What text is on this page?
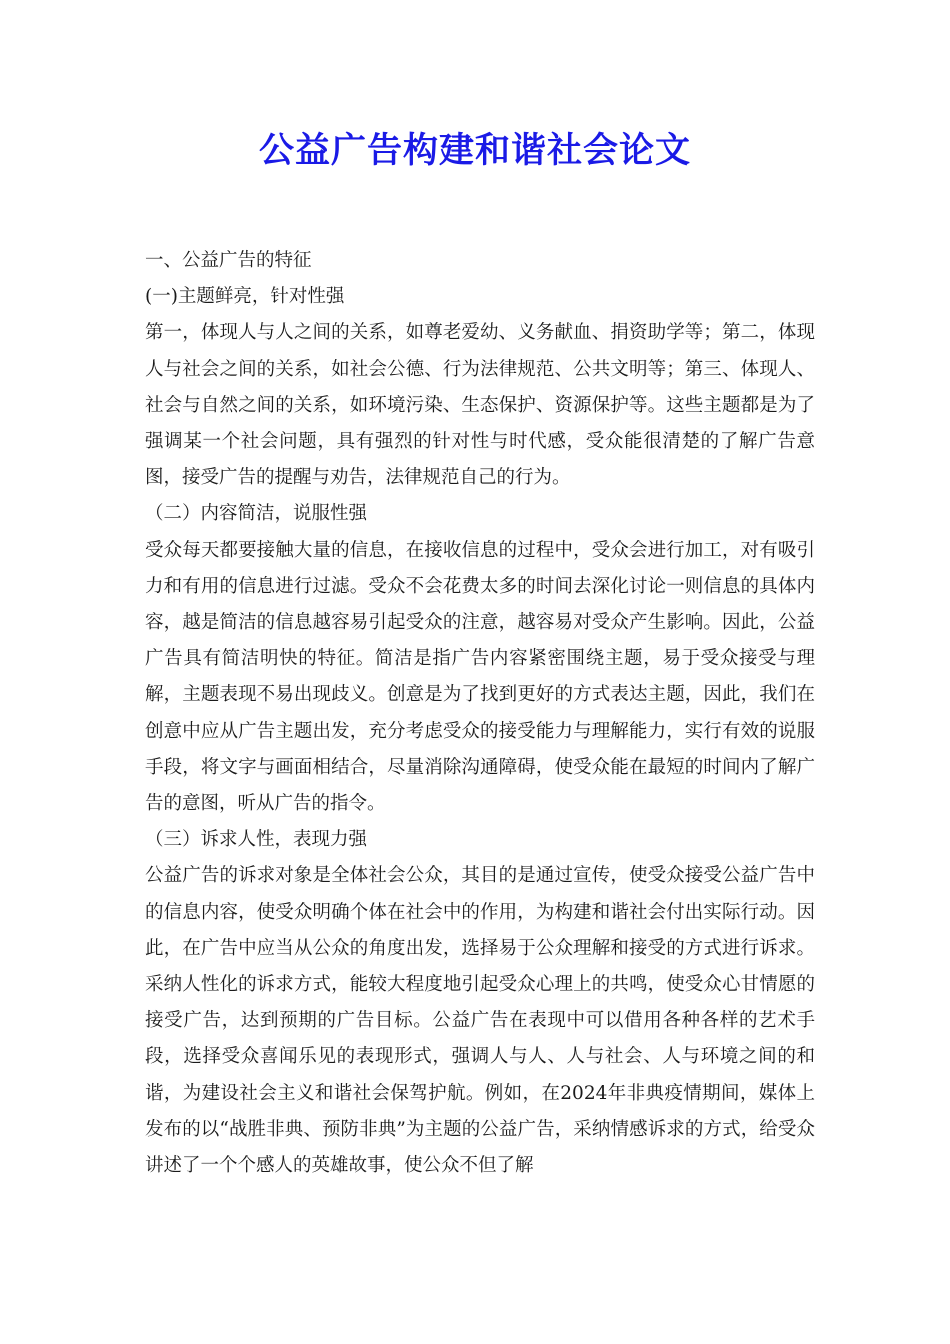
公益广告构建和谐社会论文

一、公益广告的特征

(一)主题鲜亮，针对性强

第一，体现人与人之间的关系，如尊老爱幼、义务献血、捐资助学等；第二，体现人与社会之间的关系，如社会公德、行为法律规范、公共文明等；第三、体现人、社会与自然之间的关系，如环境污染、生态保护、资源保护等。这些主题都是为了强调某一个社会问题，具有强烈的针对性与时代感，受众能很清楚的了解广告意图，接受广告的提醒与劝告，法律规范自己的行为。

（二）内容简洁，说服性强

受众每天都要接触大量的信息，在接收信息的过程中，受众会进行加工，对有吸引力和有用的信息进行过滤。受众不会花费太多的时间去深化讨论一则信息的具体内容，越是简洁的信息越容易引起受众的注意，越容易对受众产生影响。因此，公益广告具有简洁明快的特征。简洁是指广告内容紧密围绕主题，易于受众接受与理解，主题表现不易出现歧义。创意是为了找到更好的方式表达主题，因此，我们在创意中应从广告主题出发，充分考虑受众的接受能力与理解能力，实行有效的说服手段，将文字与画面相结合，尽量消除沟通障碍，使受众能在最短的时间内了解广告的意图，听从广告的指令。

（三）诉求人性，表现力强

公益广告的诉求对象是全体社会公众，其目的是通过宣传，使受众接受公益广告中的信息内容，使受众明确个体在社会中的作用，为构建和谐社会付出实际行动。因此，在广告中应当从公众的角度出发，选择易于公众理解和接受的方式进行诉求。采纳人性化的诉求方式，能较大程度地引起受众心理上的共鸣，使受众心甘情愿的接受广告，达到预期的广告目标。公益广告在表现中可以借用各种各样的艺术手段，选择受众喜闻乐见的表现形式，强调人与人、人与社会、人与环境之间的和谐，为建设社会主义和谐社会保驾护航。例如，在2024年非典疫情期间，媒体上发布的以“战胜非典、预防非典”为主题的公益广告，采纳情感诉求的方式，给受众讲述了一个个感人的英雄故事，使公众不但了解
